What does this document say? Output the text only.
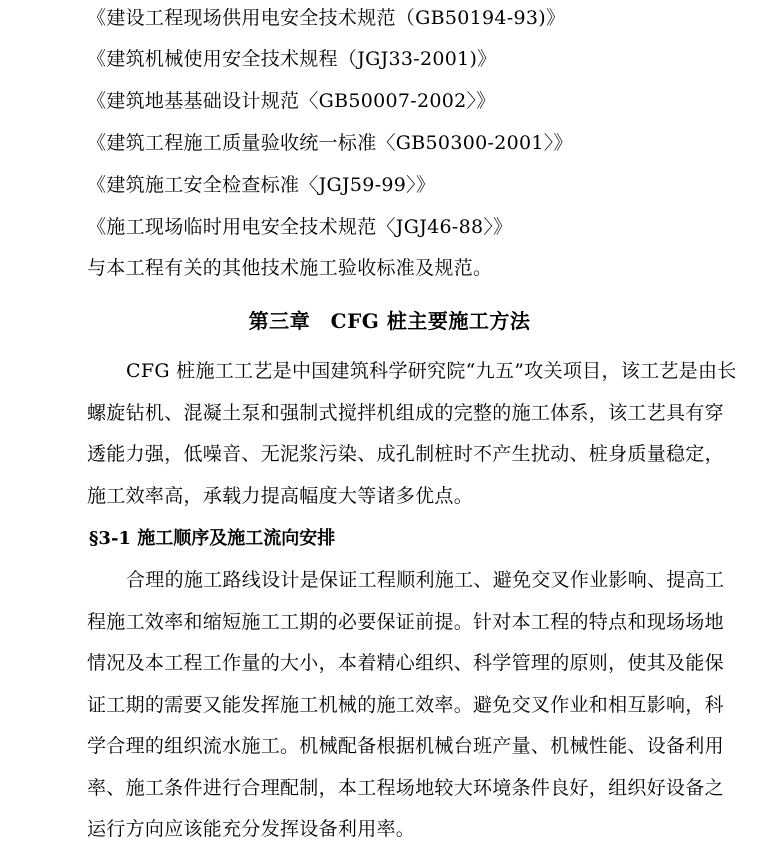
《建设工程现场供用电安全技术规范（GB50194-93)》
《建筑机械使用安全技术规程（JGJ33-2001)》
《建筑地基基础设计规范〈GB50007-2002〉》
《建筑工程施工质量验收统一标准〈GB50300-2001〉》
《建筑施工安全检查标准〈JGJ59-99〉》
《施工现场临时用电安全技术规范〈JGJ46-88〉》
与本工程有关的其他技术施工验收标准及规范。
第三章　CFG 桩主要施工方法
CFG 桩施工工艺是中国建筑科学研究院“九五”攻关项目，该工艺是由长
螺旋钻机、混凝土泵和强制式搅拌机组成的完整的施工体系，该工艺具有穿
透能力强，低噪音、无泥浆污染、成孔制桩时不产生扰动、桩身质量稳定，
施工效率高，承载力提高幅度大等诸多优点。
§3-1 施工顺序及施工流向安排
合理的施工路线设计是保证工程顺利施工、避免交叉作业影响、提高工
程施工效率和缩短施工工期的必要保证前提。针对本工程的特点和现场场地
情况及本工程工作量的大小，本着精心组织、科学管理的原则，使其及能保
证工期的需要又能发挥施工机械的施工效率。避免交叉作业和相互影响，科
学合理的组织流水施工。机械配备根据机械台班产量、机械性能、设备利用
率、施工条件进行合理配制，本工程场地较大环境条件良好，组织好设备之
运行方向应该能充分发挥设备利用率。
